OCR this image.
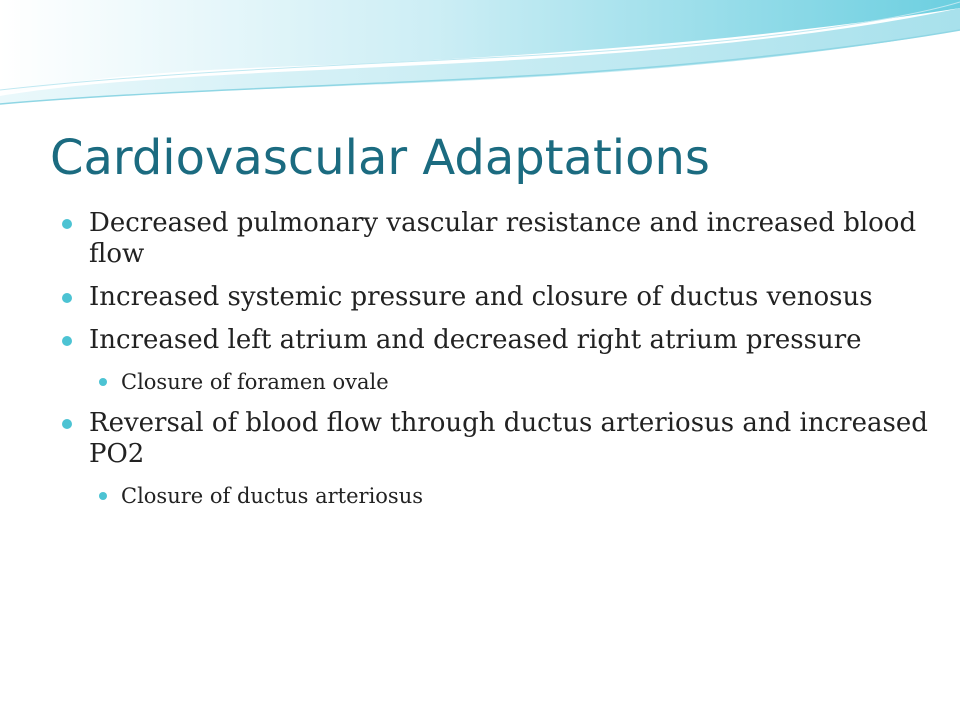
Cardiovascular Adaptations
Decreased pulmonary vascular resistance and increased blood flow
Increased systemic pressure and closure of ductus venosus
Increased left atrium and decreased right atrium pressure
Closure of foramen ovale
Reversal of blood flow through ductus arteriosus and increased PO2
Closure of ductus arteriosus
